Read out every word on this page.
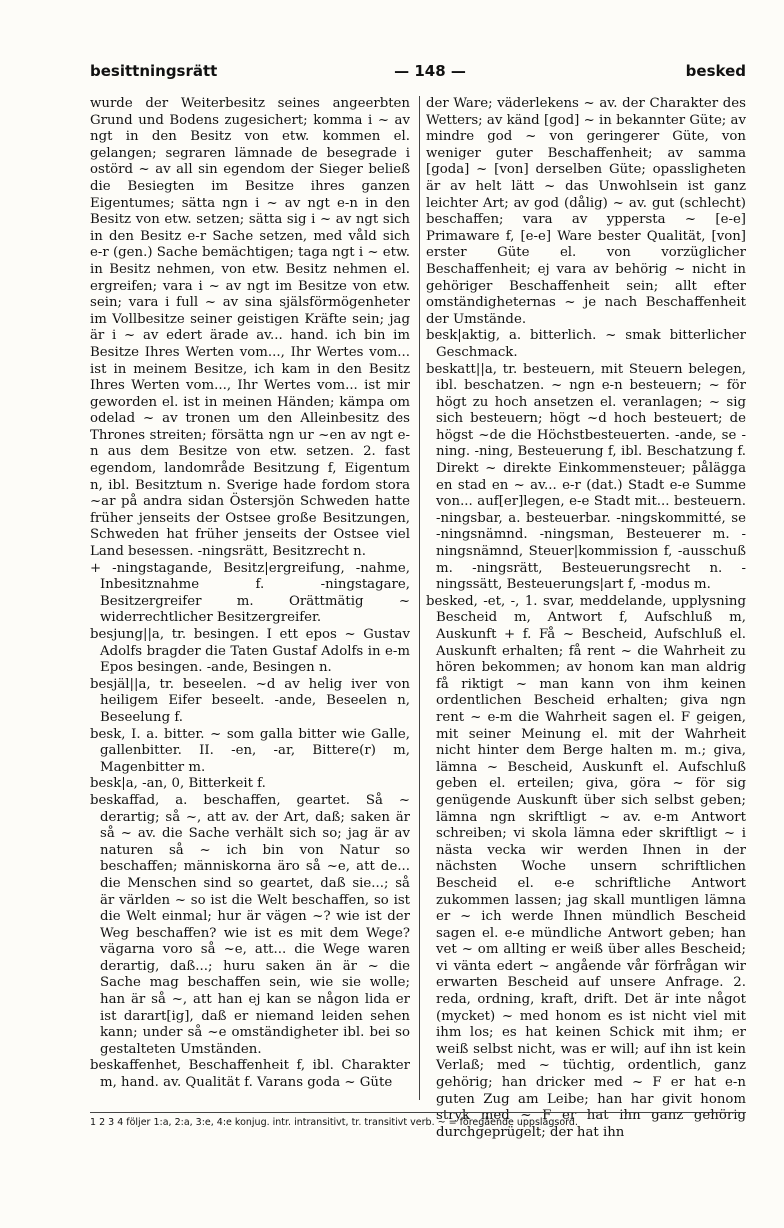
besittningsrätt	— 148 —	besked

wurde der Weiterbesitz seines angeerbten Grund und Bodens zugesichert; komma i ~ av ngt in den Besitz von etw. kommen el. gelangen; segraren lämnade de besegrade i ostörd ~ av all sin egendom der Sieger beließ die Besiegten im Besitze ihres ganzen Eigentumes; sätta ngn i ~ av ngt e-n in den Besitz von etw. setzen; sätta sig i ~ av ngt sich in den Besitz e-r Sache setzen, med våld sich e-r (gen.) Sache bemächtigen; taga ngt i ~ etw. in Besitz nehmen, von etw. Besitz nehmen el. ergreifen; vara i ~ av ngt im Besitze von etw. sein; vara i full ~ av sina själsförmögenheter im Vollbesitze seiner geistigen Kräfte sein; jag är i ~ av edert ärade av... hand. ich bin im Besitze Ihres Werten vom..., Ihr Wertes vom... ist in meinem Besitze, ich kam in den Besitz Ihres Werten vom..., Ihr Wertes vom... ist mir geworden el. ist in meinen Händen; kämpa om odelad ~ av tronen um den Alleinbesitz des Thrones streiten; försätta ngn ur ~en av ngt e-n aus dem Besitze von etw. setzen. 2. fast egendom, landområde Besitzung f, Eigentum n, ibl. Besitztum n. Sverige hade fordom stora ~ar på andra sidan Östersjön Schweden hatte früher jenseits der Ostsee große Besitzungen, Schweden hat früher jenseits der Ostsee viel Land besessen. -ningsrätt, Besitzrecht n.

+ -ningstagande, Besitz|ergreifung, -nahme, Inbesitznahme f. -ningstagare, Besitzergreifer m. Orättmätig ~ widerrechtlicher Besitzergreifer.

besjung||a, tr. besingen. I ett epos ~ Gustav Adolfs bragder die Taten Gustaf Adolfs in e-m Epos besingen. -ande, Besingen n.

besjäl||a, tr. beseelen. ~d av helig iver von heiligem Eifer beseelt. -ande, Beseelen n, Beseelung f.

besk, I. a. bitter. ~ som galla bitter wie Galle, gallenbitter. II. -en, -ar, Bittere(r) m, Magenbitter m.

besk|a, -an, 0, Bitterkeit f.

beskaffad, a. beschaffen, geartet. Så ~ derartig; så ~, att av. der Art, daß; saken är så ~ av. die Sache verhält sich so; jag är av naturen så ~ ich bin von Natur so beschaffen; människorna äro så ~e, att de... die Menschen sind so geartet, daß sie...; så är världen ~ so ist die Welt beschaffen, so ist die Welt einmal; hur är vägen ~? wie ist der Weg beschaffen? wie ist es mit dem Wege? vägarna voro så ~e, att... die Wege waren derartig, daß...; huru saken än är ~ die Sache mag beschaffen sein, wie sie wolle; han är så ~, att han ej kan se någon lida er ist darart[ig], daß er niemand leiden sehen kann; under så ~e omständigheter ibl. bei so gestalteten Umständen.

beskaffenhet, Beschaffenheit f, ibl. Charakter m, hand. av. Qualität f. Varans goda ~ Güte

der Ware; väderlekens ~ av. der Charakter des Wetters; av känd [god] ~ in bekannter Güte; av mindre god ~ von geringerer Güte, von weniger guter Beschaffenheit; av samma [goda] ~ [von] derselben Güte; opassligheten är av helt lätt ~ das Unwohlsein ist ganz leichter Art; av god (dålig) ~ av. gut (schlecht) beschaffen; vara av yppersta ~ [e-e] Primaware f, [e-e] Ware bester Qualität, [von] erster Güte el. von vorzüglicher Beschaffenheit; ej vara av behörig ~ nicht in gehöriger Beschaffenheit sein; allt efter omständigheternas ~ je nach Beschaffenheit der Umstände.

besk|aktig, a. bitterlich. ~ smak bitterlicher Geschmack.

beskatt||a, tr. besteuern, mit Steuern belegen, ibl. beschatzen. ~ ngn e-n besteuern; ~ för högt zu hoch ansetzen el. veranlagen; ~ sig sich besteuern; högt ~d hoch besteuert; de högst ~de die Höchstbesteuerten. -ande, se -ning. -ning, Besteuerung f, ibl. Beschatzung f. Direkt ~ direkte Einkommensteuer; pålägga en stad en ~ av... e-r (dat.) Stadt e-e Summe von... auf[er]legen, e-e Stadt mit... besteuern. -ningsbar, a. besteuerbar. -ningskommitté, se -ningsnämnd. -ningsman, Besteuerer m. -ningsnämnd, Steuer|kommission f, -ausschuß m. -ningsrätt, Besteuerungsrecht n. -ningssätt, Besteuerungs|art f, -modus m.

besked, -et, -, 1. svar, meddelande, upplysning Bescheid m, Antwort f, Aufschluß m, Auskunft + f. Få ~ Bescheid, Aufschluß el. Auskunft erhalten; få rent ~ die Wahrheit zu hören bekommen; av honom kan man aldrig få riktigt ~ man kann von ihm keinen ordentlichen Bescheid erhalten; giva ngn rent ~ e-m die Wahrheit sagen el. F geigen, mit seiner Meinung el. mit der Wahrheit nicht hinter dem Berge halten m. m.; giva, lämna ~ Bescheid, Auskunft el. Aufschluß geben el. erteilen; giva, göra ~ för sig genügende Auskunft über sich selbst geben; lämna ngn skriftligt ~ av. e-m Antwort schreiben; vi skola lämna eder skriftligt ~ i nästa vecka wir werden Ihnen in der nächsten Woche unsern schriftlichen Bescheid el. e-e schriftliche Antwort zukommen lassen; jag skall muntligen lämna er ~ ich werde Ihnen mündlich Bescheid sagen el. e-e mündliche Antwort geben; han vet ~ om allting er weiß über alles Bescheid; vi vänta edert ~ angående vår förfrågan wir erwarten Bescheid auf unsere Anfrage. 2. reda, ordning, kraft, drift. Det är inte något (mycket) ~ med honom es ist nicht viel mit ihm los; es hat keinen Schick mit ihm; er weiß selbst nicht, was er will; auf ihn ist kein Verlaß; med ~ tüchtig, ordentlich, ganz gehörig; han dricker med ~ F er hat e-n guten Zug am Leibe; han har givit honom stryk med ~ F er hat ihn ganz gehörig durchgeprügelt; der hat ihn

1 2 3 4 följer 1:a, 2:a, 3:e, 4:e konjug. intr. intransitivt, tr. transitivt verb. ~ = föregående uppslagsord.
